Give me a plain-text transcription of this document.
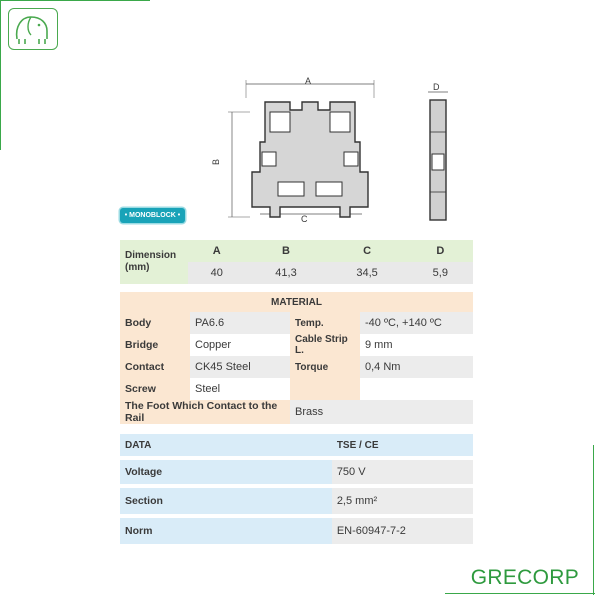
A
B
C
D
• MONOBLOCK •
Dimension
(mm)	A	B	C	D
	40	41,3	34,5	5,9
MATERIAL			
Body	PA6.6	Temp.	-40 ºC, +140 ºC
Bridge	Copper	Cable Strip L.	9 mm
Contact	CK45 Steel	Torque	0,4 Nm
Screw	Steel		
The Foot Which Contact to the Rail		Brass	
DATA	TSE / CE

Voltage	750 V

Section	2,5 mm²

Norm	EN-60947-7-2
GRECORP
